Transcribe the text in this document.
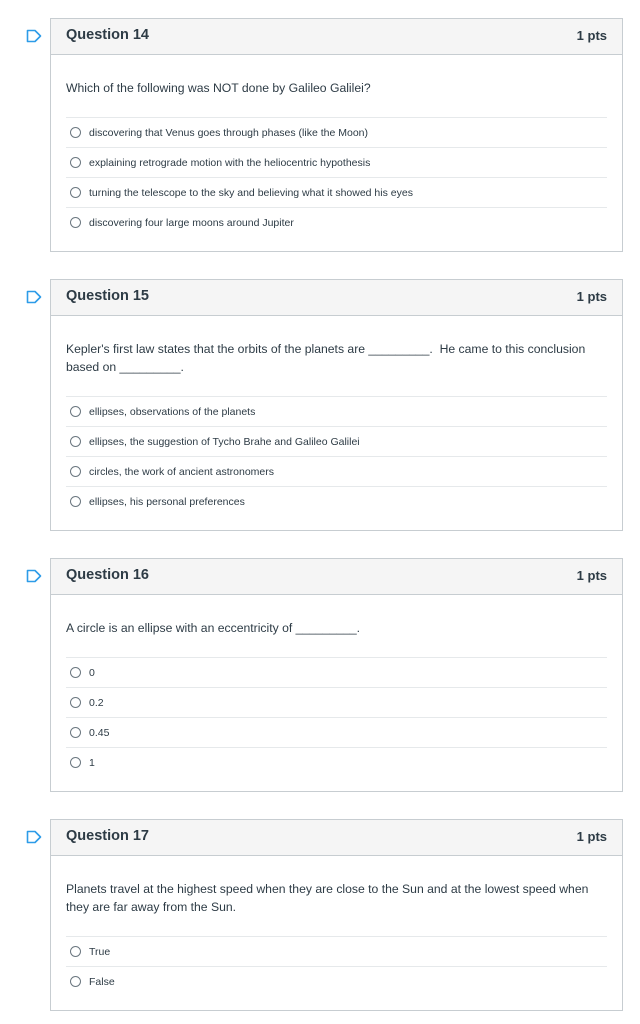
Question 14	1 pts
Which of the following was NOT done by Galileo Galilei?
discovering that Venus goes through phases (like the Moon)
explaining retrograde motion with the heliocentric hypothesis
turning the telescope to the sky and believing what it showed his eyes
discovering four large moons around Jupiter
Question 15	1 pts
Kepler's first law states that the orbits of the planets are _________.  He came to this conclusion based on _________.
ellipses, observations of the planets
ellipses, the suggestion of Tycho Brahe and Galileo Galilei
circles, the work of ancient astronomers
ellipses, his personal preferences
Question 16	1 pts
A circle is an ellipse with an eccentricity of _________.
0
0.2
0.45
1
Question 17	1 pts
Planets travel at the highest speed when they are close to the Sun and at the lowest speed when they are far away from the Sun.
True
False
